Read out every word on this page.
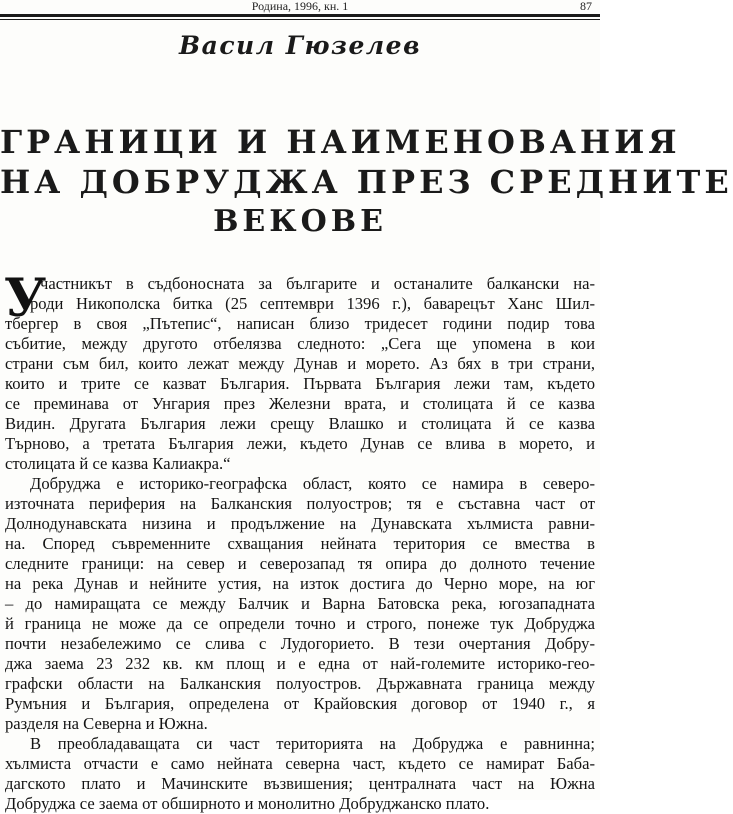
Родина, 1996, кн. 1	87
Васил Гюзелев
ГРАНИЦИ И НАИМЕНОВАНИЯ
НА ДОБРУДЖА ПРЕЗ СРЕДНИТЕ
ВЕКОВЕ
У
частникът в съдбоносната за българите и останалите балкански на-
роди Никополска битка (25 септември 1396 г.), баварецът Ханс Шил-
тбергер в своя „Пътепис“, написан близо тридесет години подир това
събитие, между другото отбелязва следното: „Сега ще упомена в кои
страни съм бил, които лежат между Дунав и морето. Аз бях в три страни,
които и трите се казват България. Първата България лежи там, където
се преминава от Унгария през Железни врата, и столицата й се казва
Видин. Другата България лежи срещу Влашко и столицата й се казва
Търново, а третата България лежи, където Дунав се влива в морето, и
столицата й се казва Калиакра.“
Добруджа е историко-географска област, която се намира в северо-
източната периферия на Балканския полуостров; тя е съставна част от
Долнодунавската низина и продължение на Дунавската хълмиста равни-
на. Според съвременните схващания нейната територия се вмества в
следните граници: на север и северозапад тя опира до долното течение
на река Дунав и нейните устия, на изток достига до Черно море, на юг
– до намиращата се между Балчик и Варна Батовска река, югозападната
й граница не може да се определи точно и строго, понеже тук Добруджа
почти незабележимо се слива с Лудогорието. В тези очертания Добру-
джа заема 23 232 кв. км площ и е една от най-големите историко-гео-
графски области на Балканския полуостров. Държавната граница между
Румъния и България, определена от Крайовския договор от 1940 г., я
разделя на Северна и Южна.
В преобладаващата си част територията на Добруджа е равнинна;
хълмиста отчасти е само нейната северна част, където се намират Баба-
дагското плато и Мачинските възвишения; централната част на Южна
Добруджа се заема от обширното и монолитно Добруджанско плато.
